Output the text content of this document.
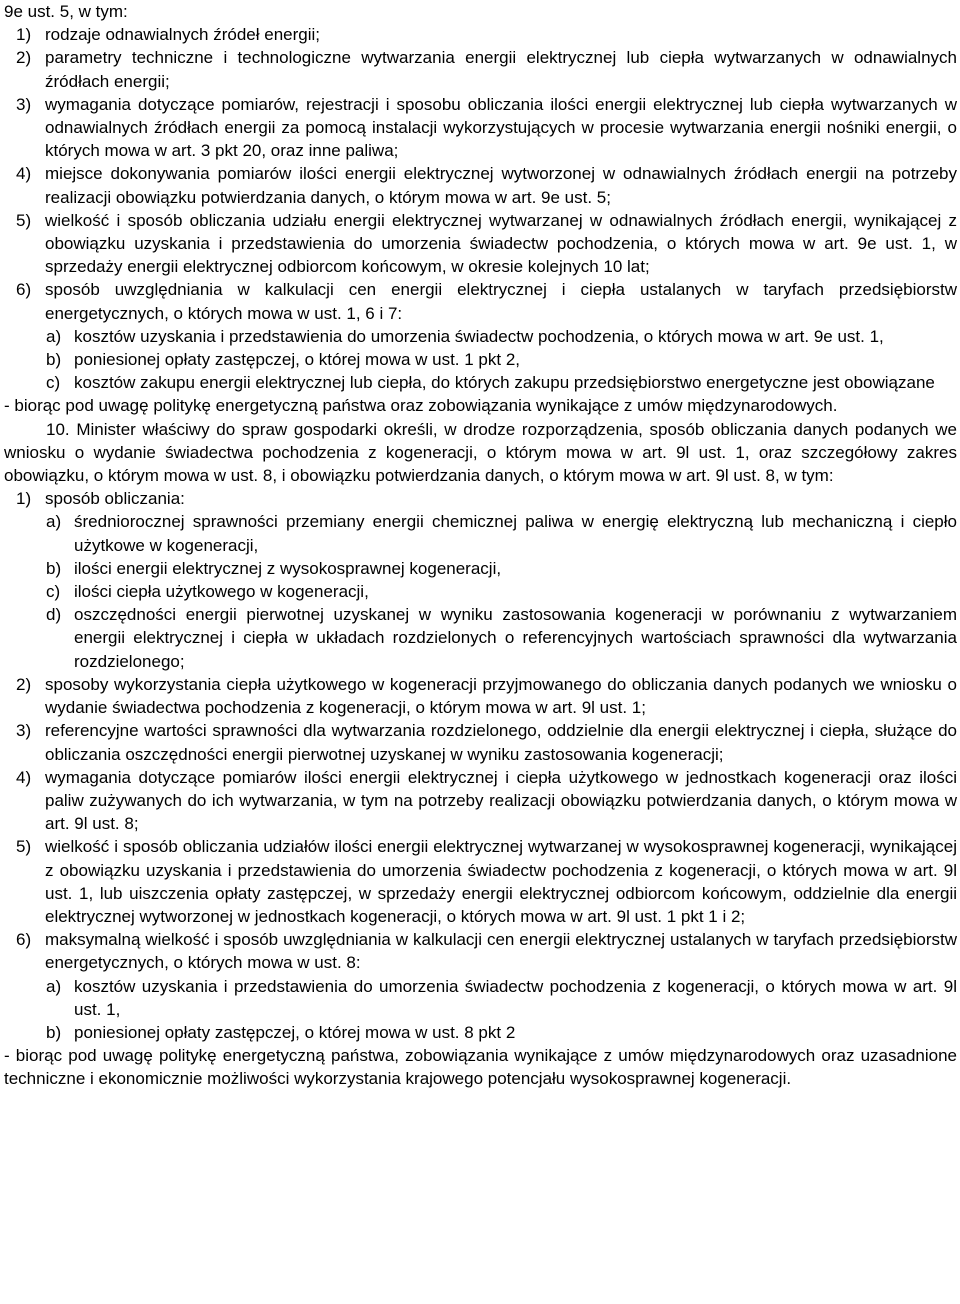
9e ust. 5, w tym:
1) rodzaje odnawialnych źródeł energii;
2) parametry techniczne i technologiczne wytwarzania energii elektrycznej lub ciepła wytwarzanych w odnawialnych źródłach energii;
3) wymagania dotyczące pomiarów, rejestracji i sposobu obliczania ilości energii elektrycznej lub ciepła wytwarzanych w odnawialnych źródłach energii za pomocą instalacji wykorzystujących w procesie wytwarzania energii nośniki energii, o których mowa w art. 3 pkt 20, oraz inne paliwa;
4) miejsce dokonywania pomiarów ilości energii elektrycznej wytworzonej w odnawialnych źródłach energii na potrzeby realizacji obowiązku potwierdzania danych, o którym mowa w art. 9e ust. 5;
5) wielkość i sposób obliczania udziału energii elektrycznej wytwarzanej w odnawialnych źródłach energii, wynikającej z obowiązku uzyskania i przedstawienia do umorzenia świadectw pochodzenia, o których mowa w art. 9e ust. 1, w sprzedaży energii elektrycznej odbiorcom końcowym, w okresie kolejnych 10 lat;
6) sposób uwzględniania w kalkulacji cen energii elektrycznej i ciepła ustalanych w taryfach przedsiębiorstw energetycznych, o których mowa w ust. 1, 6 i 7:
a) kosztów uzyskania i przedstawienia do umorzenia świadectw pochodzenia, o których mowa w art. 9e ust. 1,
b) poniesionej opłaty zastępczej, o której mowa w ust. 1 pkt 2,
c) kosztów zakupu energii elektrycznej lub ciepła, do których zakupu przedsiębiorstwo energetyczne jest obowiązane
- biorąc pod uwagę politykę energetyczną państwa oraz zobowiązania wynikające z umów międzynarodowych.
10. Minister właściwy do spraw gospodarki określi, w drodze rozporządzenia, sposób obliczania danych podanych we wniosku o wydanie świadectwa pochodzenia z kogeneracji, o którym mowa w art. 9l ust. 1, oraz szczegółowy zakres obowiązku, o którym mowa w ust. 8, i obowiązku potwierdzania danych, o którym mowa w art. 9l ust. 8, w tym:
1) sposób obliczania:
a) średniorocznej sprawności przemiany energii chemicznej paliwa w energię elektryczną lub mechaniczną i ciepło użytkowe w kogeneracji,
b) ilości energii elektrycznej z wysokosprawnej kogeneracji,
c) ilości ciepła użytkowego w kogeneracji,
d) oszczędności energii pierwotnej uzyskanej w wyniku zastosowania kogeneracji w porównaniu z wytwarzaniem energii elektrycznej i ciepła w układach rozdzielonych o referencyjnych wartościach sprawności dla wytwarzania rozdzielonego;
2) sposoby wykorzystania ciepła użytkowego w kogeneracji przyjmowanego do obliczania danych podanych we wniosku o wydanie świadectwa pochodzenia z kogeneracji, o którym mowa w art. 9l ust. 1;
3) referencyjne wartości sprawności dla wytwarzania rozdzielonego, oddzielnie dla energii elektrycznej i ciepła, służące do obliczania oszczędności energii pierwotnej uzyskanej w wyniku zastosowania kogeneracji;
4) wymagania dotyczące pomiarów ilości energii elektrycznej i ciepła użytkowego w jednostkach kogeneracji oraz ilości paliw zużywanych do ich wytwarzania, w tym na potrzeby realizacji obowiązku potwierdzania danych, o którym mowa w art. 9l ust. 8;
5) wielkość i sposób obliczania udziałów ilości energii elektrycznej wytwarzanej w wysokosprawnej kogeneracji, wynikającej z obowiązku uzyskania i przedstawienia do umorzenia świadectw pochodzenia z kogeneracji, o których mowa w art. 9l ust. 1, lub uiszczenia opłaty zastępczej, w sprzedaży energii elektrycznej odbiorcom końcowym, oddzielnie dla energii elektrycznej wytworzonej w jednostkach kogeneracji, o których mowa w art. 9l ust. 1 pkt 1 i 2;
6) maksymalną wielkość i sposób uwzględniania w kalkulacji cen energii elektrycznej ustalanych w taryfach przedsiębiorstw energetycznych, o których mowa w ust. 8:
a) kosztów uzyskania i przedstawienia do umorzenia świadectw pochodzenia z kogeneracji, o których mowa w art. 9l ust. 1,
b) poniesionej opłaty zastępczej, o której mowa w ust. 8 pkt 2
- biorąc pod uwagę politykę energetyczną państwa, zobowiązania wynikające z umów międzynarodowych oraz uzasadnione techniczne i ekonomicznie możliwości wykorzystania krajowego potencjału wysokosprawnej kogeneracji.
